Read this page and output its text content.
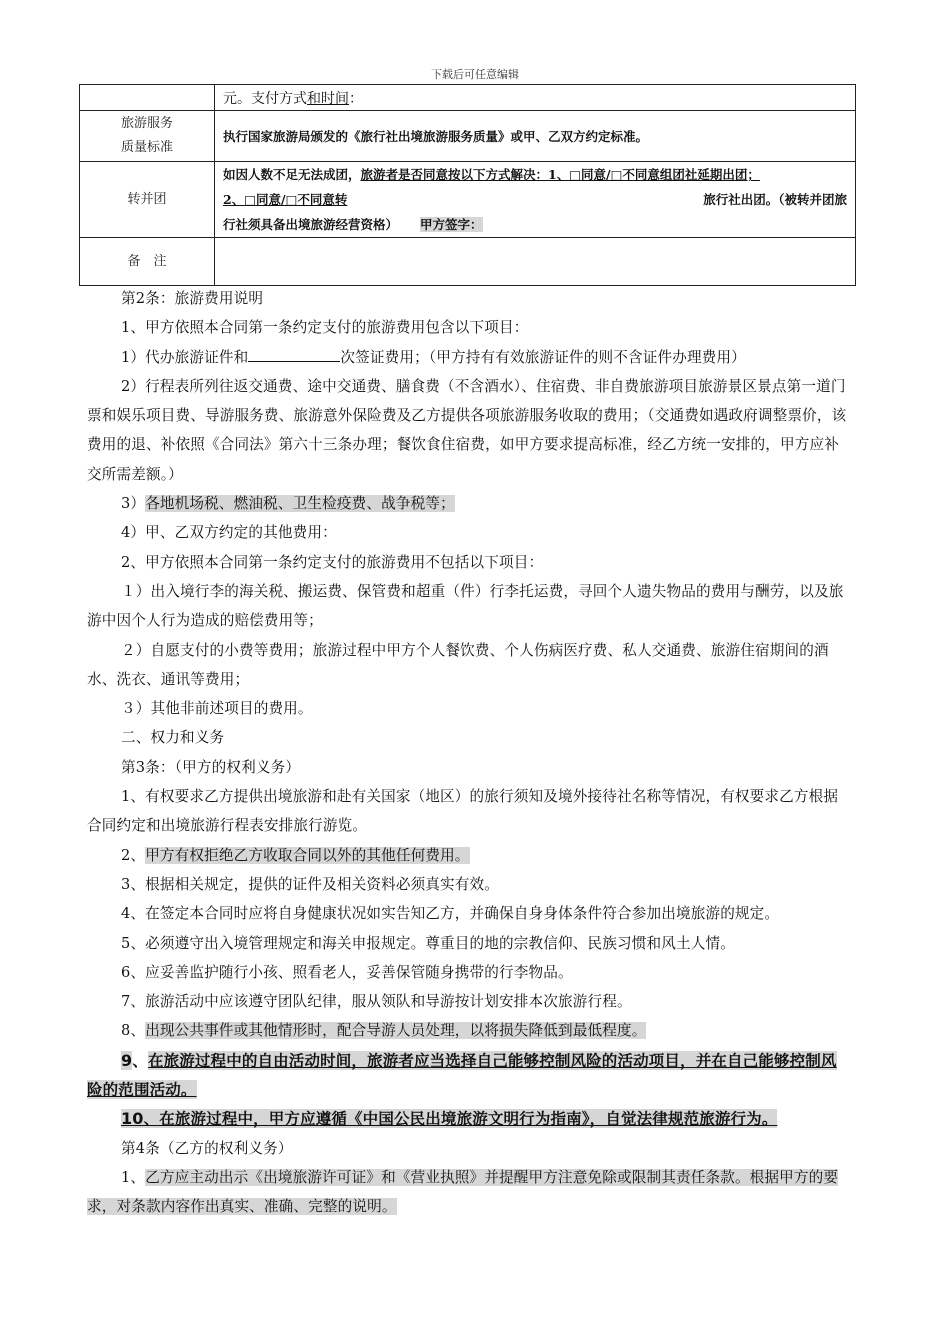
下载后可任意编辑
	元。支付方式和时间：

旅游服务
质量标准	执行国家旅游局颁发的《旅行社出境旅游服务质量》或甲、乙双方约定标准。
转并团	如因人数不足无法成团，旅游者是否同意按以下方式解决：1、□同意/□不同意组团社延期出团；
2、□同意/□不同意转 旅行社出团。（被转并团旅
行社须具备出境旅游经营资格） 甲方签字：

备　注	

第2条：旅游费用说明

1、甲方依照本合同第一条约定支付的旅游费用包含以下项目：

1）代办旅游证件和	次签证费用；（甲方持有有效旅游证件的则不含证件办理费用）

2）行程表所列往返交通费、途中交通费、膳食费（不含酒水）、住宿费、非自费旅游项目旅游景区景点第一道门票和娱乐项目费、导游服务费、旅游意外保险费及乙方提供各项旅游服务收取的费用；（交通费如遇政府调整票价，该费用的退、补依照《合同法》第六十三条办理；餐饮食住宿费，如甲方要求提高标准，经乙方统一安排的，甲方应补交所需差额。）

3）各地机场税、燃油税、卫生检疫费、战争税等；

4）甲、乙双方约定的其他费用：

2、甲方依照本合同第一条约定支付的旅游费用不包括以下项目：

１）出入境行李的海关税、搬运费、保管费和超重（件）行李托运费，寻回个人遗失物品的费用与酬劳，以及旅游中因个人行为造成的赔偿费用等；

２）自愿支付的小费等费用；旅游过程中甲方个人餐饮费、个人伤病医疗费、私人交通费、旅游住宿期间的酒水、洗衣、通讯等费用；

３）其他非前述项目的费用。

二、权力和义务

第3条：（甲方的权利义务）

1、有权要求乙方提供出境旅游和赴有关国家（地区）的旅行须知及境外接待社名称等情况，有权要求乙方根据合同约定和出境旅游行程表安排旅行游览。

2、甲方有权拒绝乙方收取合同以外的其他任何费用。

3、根据相关规定，提供的证件及相关资料必须真实有效。

4、在签定本合同时应将自身健康状况如实告知乙方，并确保自身身体条件符合参加出境旅游的规定。

5、必须遵守出入境管理规定和海关申报规定。尊重目的地的宗教信仰、民族习惯和风土人情。

6、应妥善监护随行小孩、照看老人，妥善保管随身携带的行李物品。

7、旅游活动中应该遵守团队纪律，服从领队和导游按计划安排本次旅游行程。

8、出现公共事件或其他情形时，配合导游人员处理，以将损失降低到最低程度。

9、在旅游过程中的自由活动时间，旅游者应当选择自己能够控制风险的活动项目，并在自己能够控制风险的范围活动。

10、在旅游过程中，甲方应遵循《中国公民出境旅游文明行为指南》，自觉法律规范旅游行为。

第4条（乙方的权利义务）

1、乙方应主动出示《出境旅游许可证》和《营业执照》并提醒甲方注意免除或限制其责任条款。根据甲方的要求，对条款内容作出真实、准确、完整的说明。
